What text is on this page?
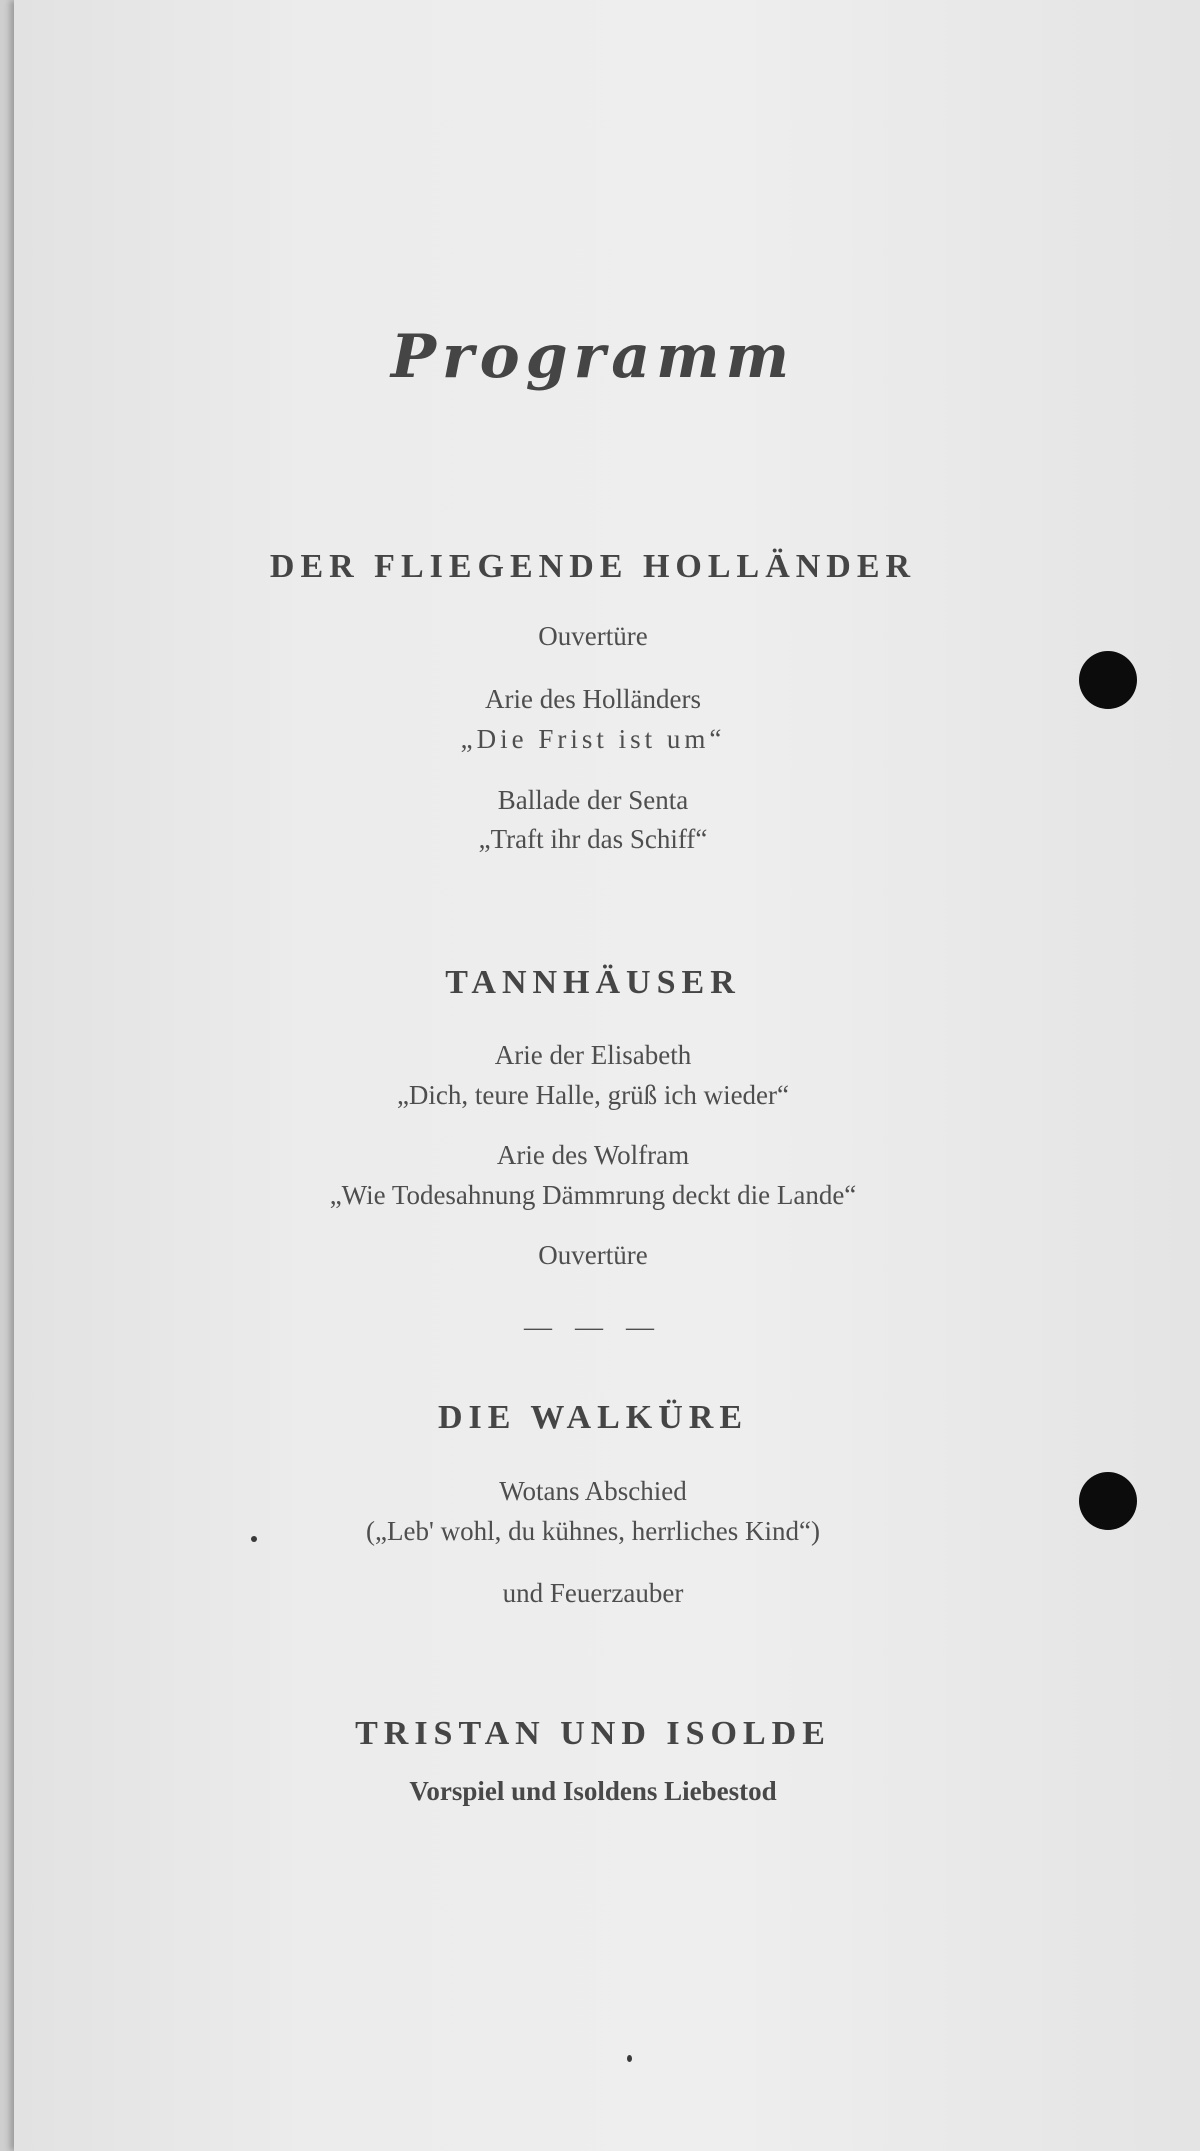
Programm
DER FLIEGENDE HOLLÄNDER
Ouvertüre
Arie des Holländers
„Die Frist ist um“
Ballade der Senta
„Traft ihr das Schiff“
TANNHÄUSER
Arie der Elisabeth
„Dich, teure Halle, grüß ich wieder“
Arie des Wolfram
„Wie Todesahnung Dämmrung deckt die Lande“
Ouvertüre
— — —
DIE WALKÜRE
Wotans Abschied
(„Leb' wohl, du kühnes, herrliches Kind“)
und Feuerzauber
TRISTAN UND ISOLDE
Vorspiel und Isoldens Liebestod
